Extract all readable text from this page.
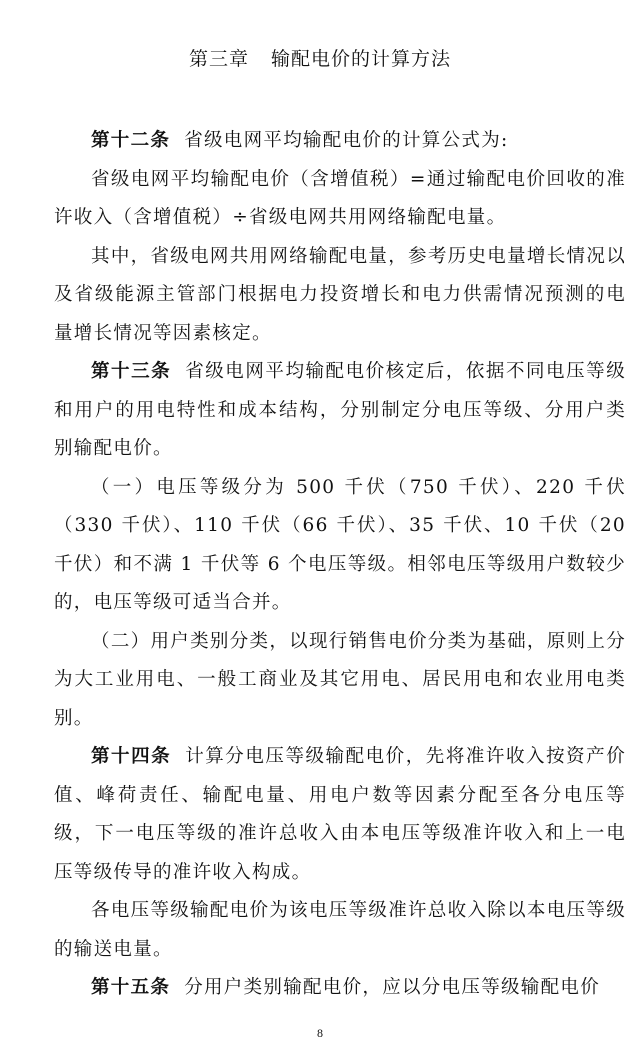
第三章 输配电价的计算方法

第十二条 省级电网平均输配电价的计算公式为:

省级电网平均输配电价（含增值税）=通过输配电价回收的准许收入（含增值税）÷省级电网共用网络输配电量。

其中，省级电网共用网络输配电量，参考历史电量增长情况以及省级能源主管部门根据电力投资增长和电力供需情况预测的电量增长情况等因素核定。

第十三条 省级电网平均输配电价核定后，依据不同电压等级和用户的用电特性和成本结构，分别制定分电压等级、分用户类别输配电价。

（一）电压等级分为 500 千伏（750 千伏）、220 千伏（330 千伏）、110 千伏（66 千伏）、35 千伏、10 千伏（20 千伏）和不满 1 千伏等 6 个电压等级。相邻电压等级用户数较少的，电压等级可适当合并。

（二）用户类别分类，以现行销售电价分类为基础，原则上分为大工业用电、一般工商业及其它用电、居民用电和农业用电类别。

第十四条 计算分电压等级输配电价，先将准许收入按资产价值、峰荷责任、输配电量、用电户数等因素分配至各分电压等级，下一电压等级的准许总收入由本电压等级准许收入和上一电压等级传导的准许收入构成。

各电压等级输配电价为该电压等级准许总收入除以本电压等级的输送电量。

第十五条 分用户类别输配电价，应以分电压等级输配电价

8
